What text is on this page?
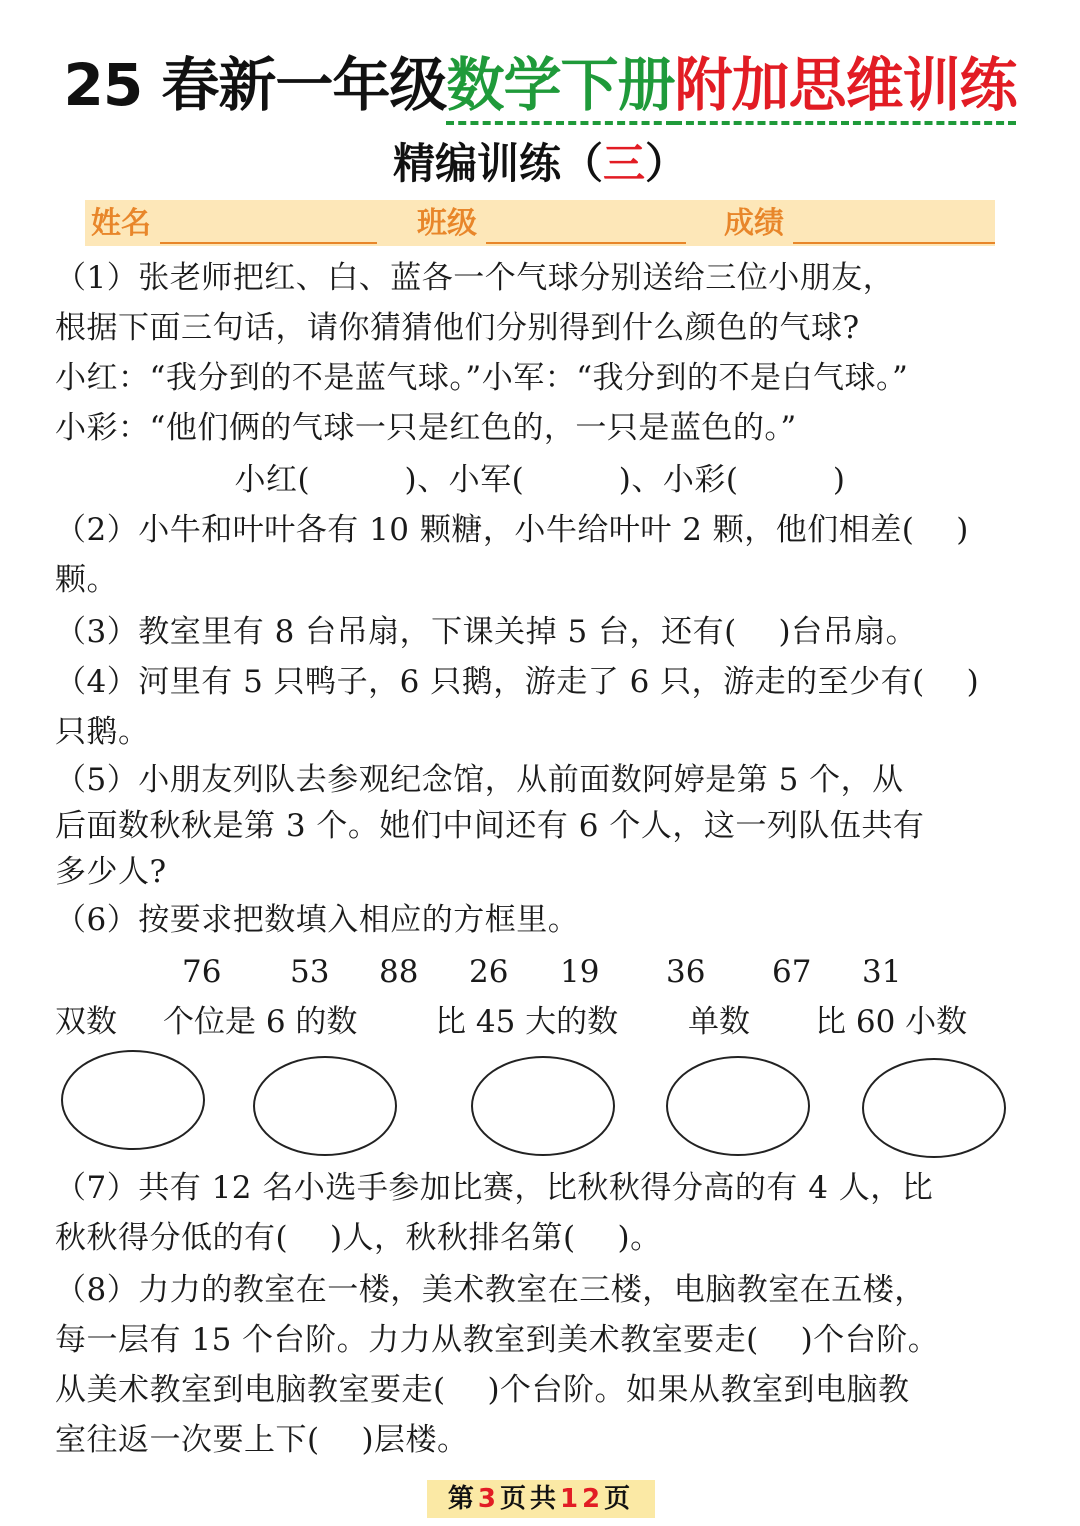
25 春新一年级数学下册附加思维训练
精编训练（三）
姓名	班级	成绩
（1）张老师把红、白、蓝各一个气球分别送给三位小朋友，
根据下面三句话，请你猜猜他们分别得到什么颜色的气球?
小红：“我分到的不是蓝气球。”小军：“我分到的不是白气球。”
小彩：“他们俩的气球一只是红色的，一只是蓝色的。”
小红(　　　)、小军(　　　)、小彩(　　　)
（2）小牛和叶叶各有 10 颗糖，小牛给叶叶 2 颗，他们相差(　 )
颗。
（3）教室里有 8 台吊扇，下课关掉 5 台，还有(　 )台吊扇。
（4）河里有 5 只鸭子，6 只鹅，游走了 6 只，游走的至少有(　 )
只鹅。
（5）小朋友列队去参观纪念馆，从前面数阿婷是第 5 个，从
后面数秋秋是第 3 个。她们中间还有 6 个人，这一列队伍共有
多少人?
（6）按要求把数填入相应的方框里。
76 53 88 26 19 36 67 31
双数 个位是 6 的数	比 45 大的数 单数 比 60 小数
（7）共有 12 名小选手参加比赛，比秋秋得分高的有 4 人，比
秋秋得分低的有(　 )人，秋秋排名第(　 )。
（8）力力的教室在一楼，美术教室在三楼，电脑教室在五楼，
每一层有 15 个台阶。力力从教室到美术教室要走(　 )个台阶。
从美术教室到电脑教室要走(　 )个台阶。如果从教室到电脑教
室往返一次要上下(　 )层楼。
第3页共12页
